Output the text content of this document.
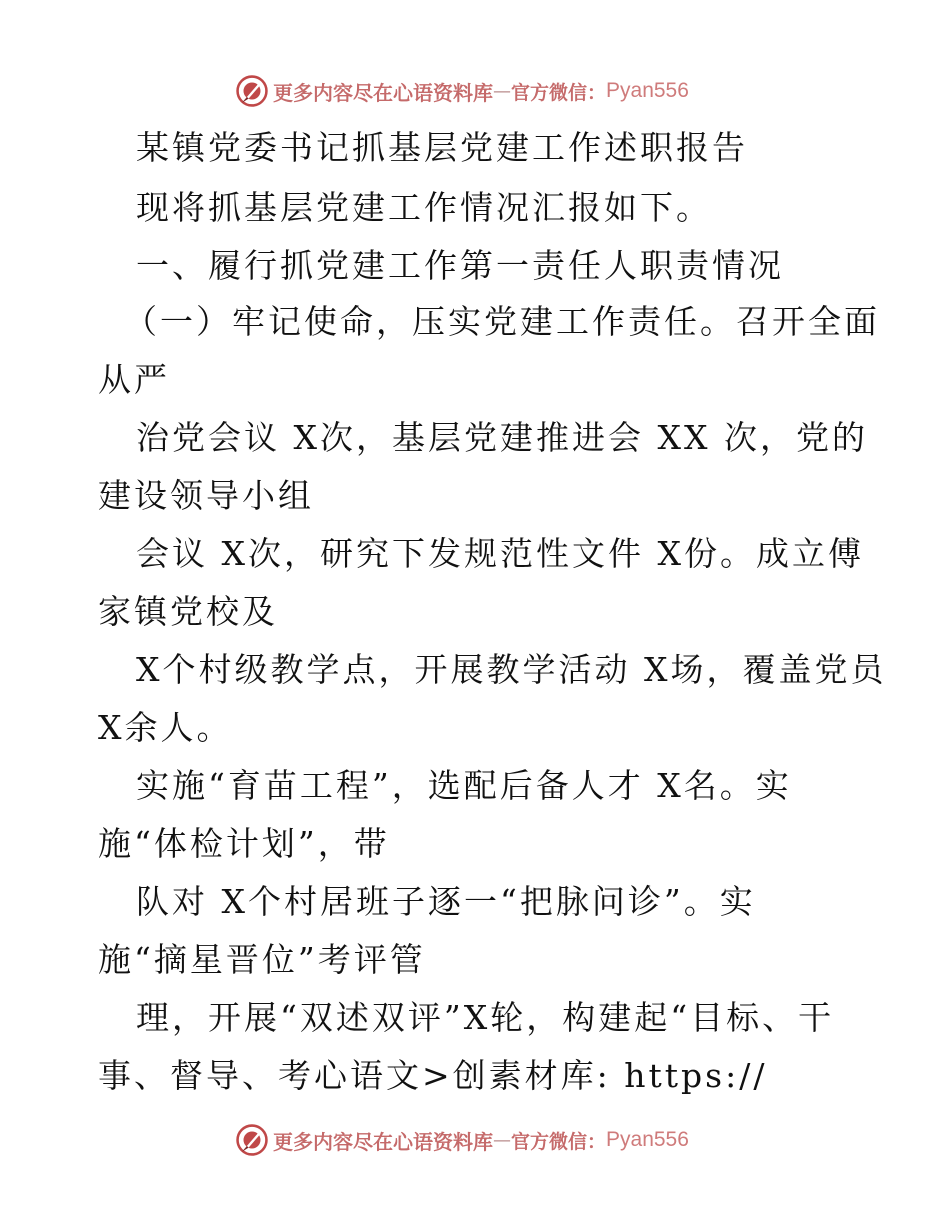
更多内容尽在心语资料库 — 官方微信： Pyan556
某镇党委书记抓基层党建工作述职报告
现将抓基层党建工作情况汇报如下。
一、履行抓党建工作第一责任人职责情况
（一）牢记使命，压实党建工作责任。召开全面
从严
治党会议 X次，基层党建推进会 XX 次，党的
建设领导小组
会议 X次，研究下发规范性文件 X份。成立傅
家镇党校及
X个村级教学点，开展教学活动 X场，覆盖党员
X余人。
实施“育苗工程”，选配后备人才 X名。实
施“体检计划”，带
队对 X个村居班子逐一“把脉问诊”。实
施“摘星晋位”考评管
理，开展“双述双评”X轮，构建起“目标、干
事、督导、考心语文>创素材库: https://
更多内容尽在心语资料库 — 官方微信： Pyan556
